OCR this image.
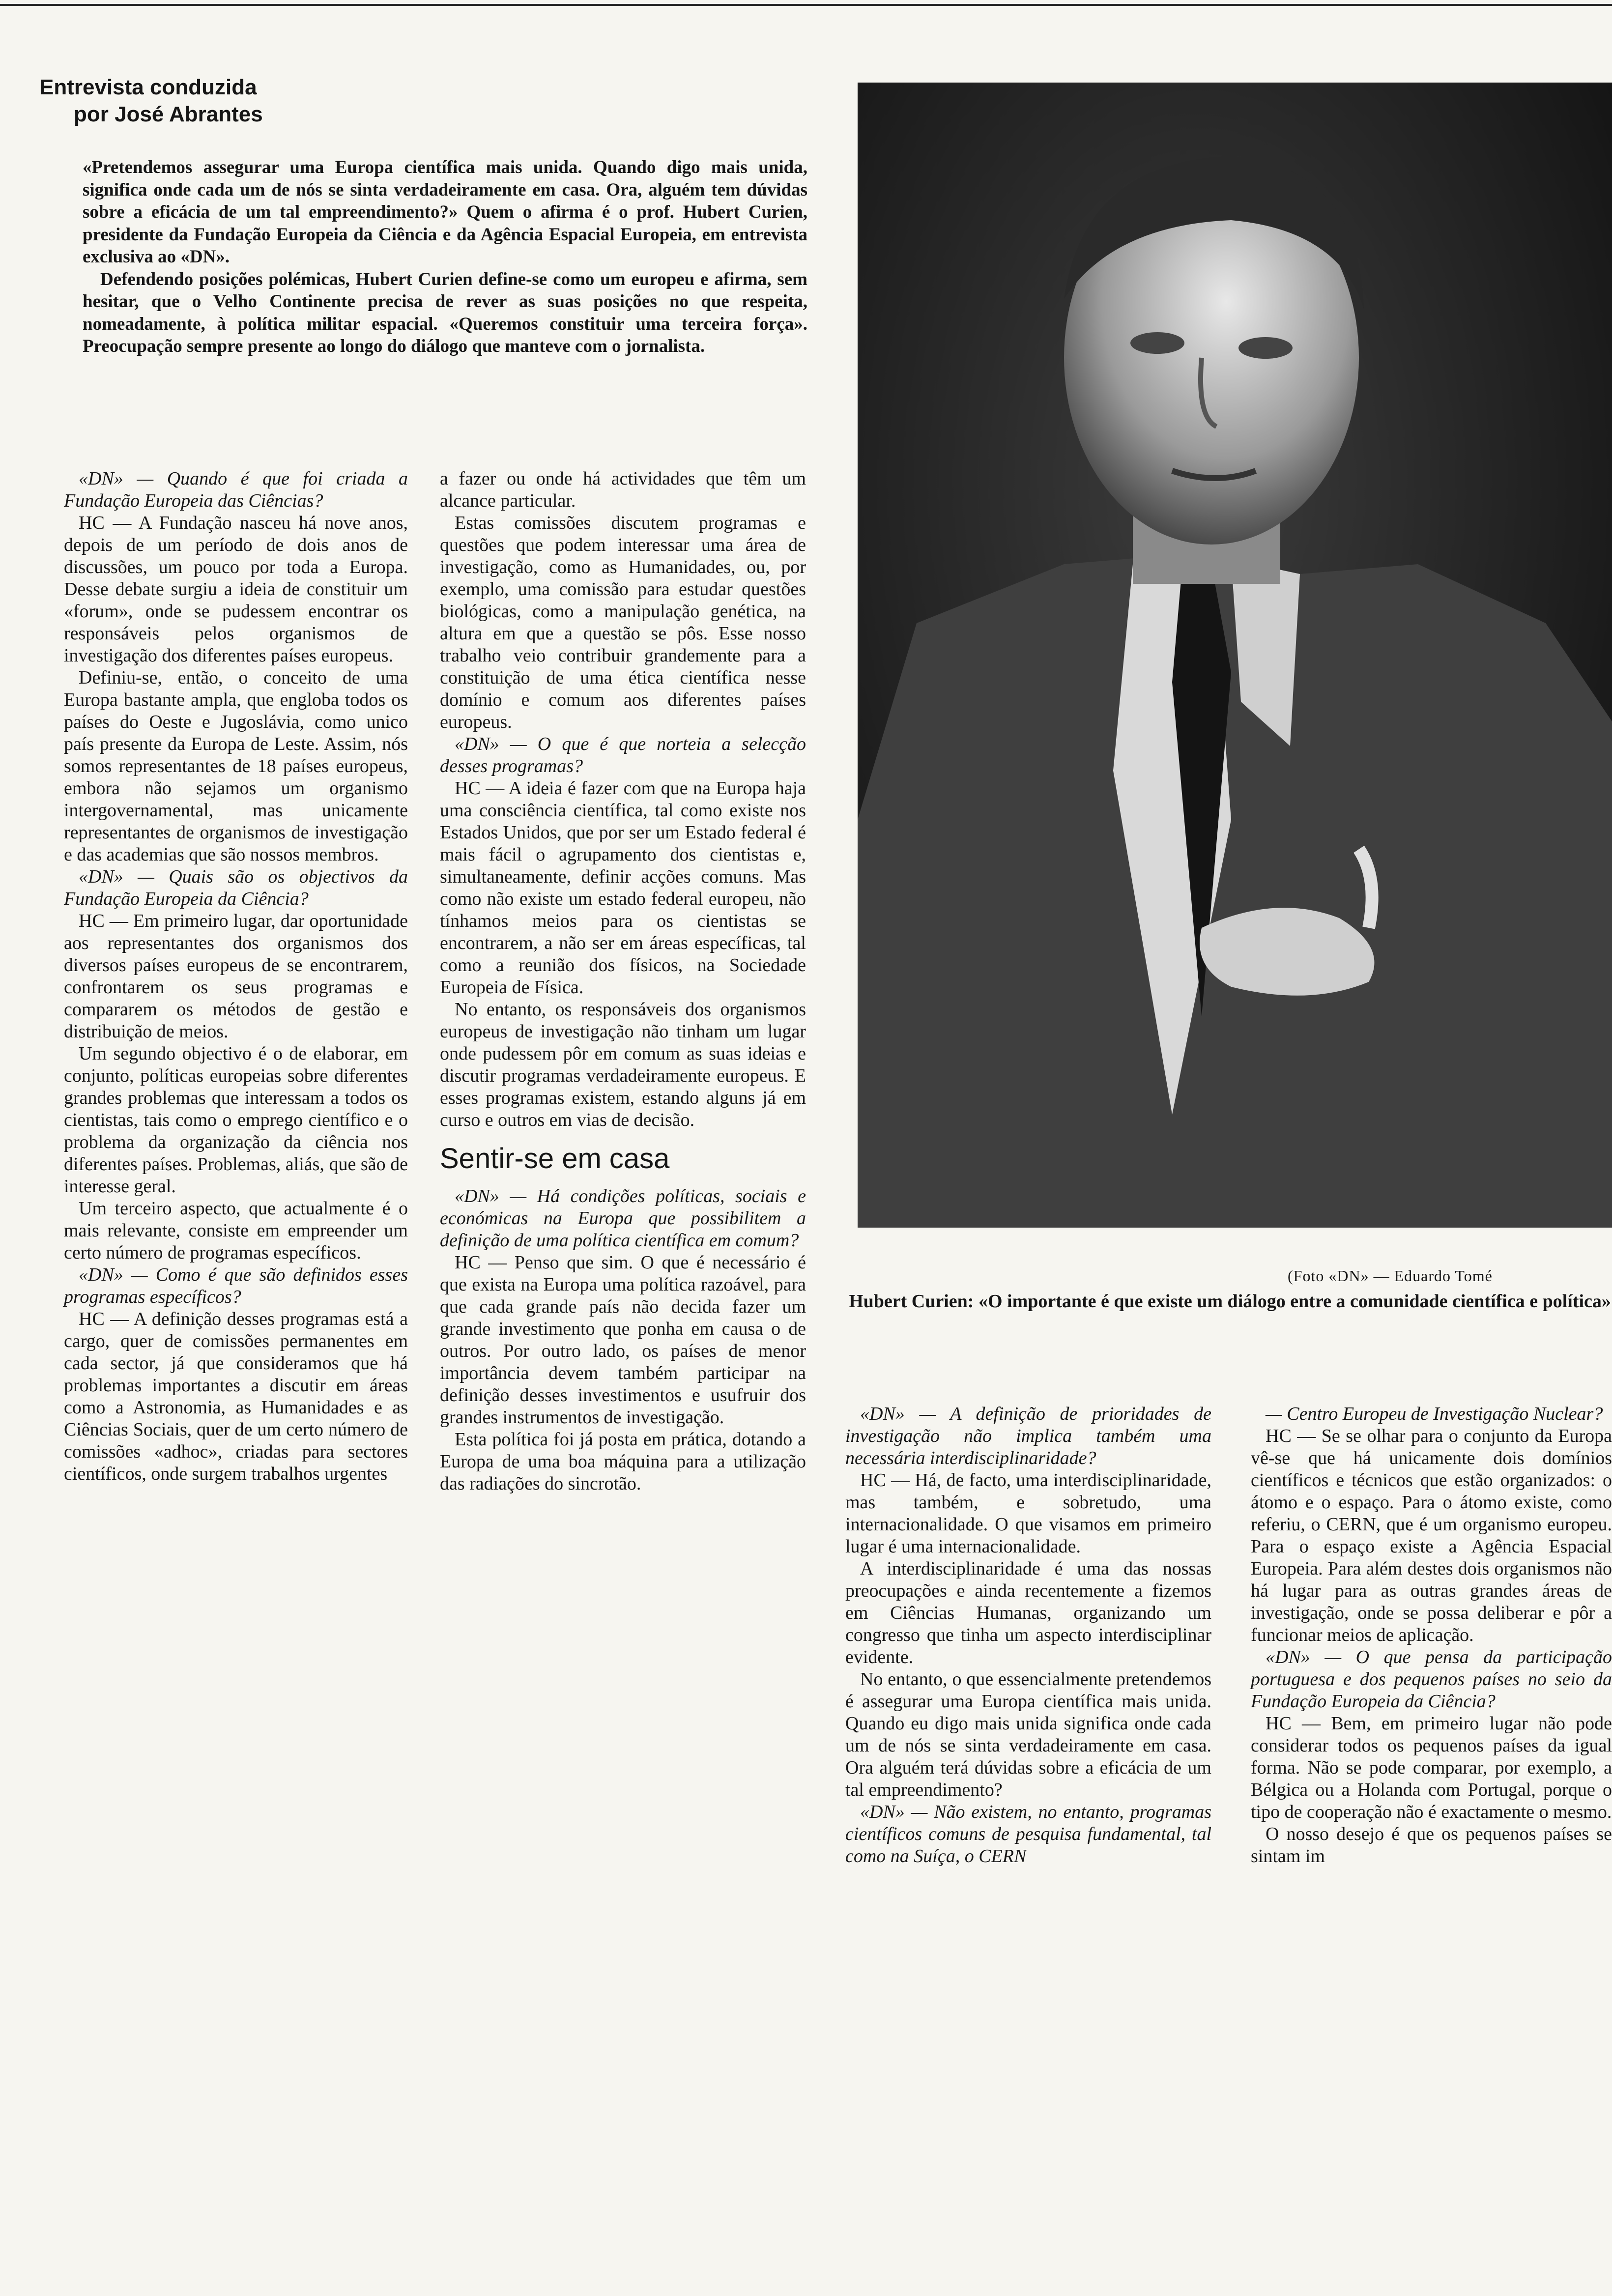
Entrevista conduzida
por José Abrantes

«Pretendemos assegurar uma Europa científica mais unida. Quando digo mais unida, significa onde cada um de nós se sinta verdadeiramente em casa. Ora, alguém tem dúvidas sobre a eficácia de um tal empreendimento?» Quem o afirma é o prof. Hubert Curien, presidente da Fundação Europeia da Ciência e da Agência Espacial Europeia, em entrevista exclusiva ao «DN».

Defendendo posições polémicas, Hubert Curien define-se como um europeu e afirma, sem hesitar, que o Velho Continente precisa de rever as suas posições no que respeita, nomeadamente, à política militar espacial. «Queremos constituir uma terceira força». Preocupação sempre presente ao longo do diálogo que manteve com o jornalista.

«DN» — Quando é que foi criada a Fundação Europeia das Ciências?

HC — A Fundação nasceu há nove anos, depois de um período de dois anos de discussões, um pouco por toda a Europa. Desse debate surgiu a ideia de constituir um «forum», onde se pudessem encontrar os responsáveis pelos organismos de investigação dos diferentes países europeus.

Definiu-se, então, o conceito de uma Europa bastante ampla, que engloba todos os países do Oeste e Jugoslávia, como unico país presente da Europa de Leste. Assim, nós somos representantes de 18 países europeus, embora não sejamos um organismo intergovernamental, mas unicamente representantes de organismos de investigação e das academias que são nossos membros.

«DN» — Quais são os objectivos da Fundação Europeia da Ciência?

HC — Em primeiro lugar, dar oportunidade aos representantes dos organismos dos diversos países europeus de se encontrarem, confrontarem os seus programas e compararem os métodos de gestão e distribuição de meios.

Um segundo objectivo é o de elaborar, em conjunto, políticas europeias sobre diferentes grandes problemas que interessam a todos os cientistas, tais como o emprego científico e o problema da organização da ciência nos diferentes países. Problemas, aliás, que são de interesse geral.

Um terceiro aspecto, que actualmente é o mais relevante, consiste em empreender um certo número de programas específicos.

«DN» — Como é que são definidos esses programas específicos?

HC — A definição desses programas está a cargo, quer de comissões permanentes em cada sector, já que consideramos que há problemas importantes a discutir em áreas como a Astronomia, as Humanidades e as Ciências Sociais, quer de um certo número de comissões «adhoc», criadas para sectores científicos, onde surgem trabalhos urgentes

a fazer ou onde há actividades que têm um alcance particular.

Estas comissões discutem programas e questões que podem interessar uma área de investigação, como as Humanidades, ou, por exemplo, uma comissão para estudar questões biológicas, como a manipulação genética, na altura em que a questão se pôs. Esse nosso trabalho veio contribuir grandemente para a constituição de uma ética científica nesse domínio e comum aos diferentes países europeus.

«DN» — O que é que norteia a selecção desses programas?

HC — A ideia é fazer com que na Europa haja uma consciência científica, tal como existe nos Estados Unidos, que por ser um Estado federal é mais fácil o agrupamento dos cientistas e, simultaneamente, definir acções comuns. Mas como não existe um estado federal europeu, não tínhamos meios para os cientistas se encontrarem, a não ser em áreas específicas, tal como a reunião dos físicos, na Sociedade Europeia de Física.

No entanto, os responsáveis dos organismos europeus de investigação não tinham um lugar onde pudessem pôr em comum as suas ideias e discutir programas verdadeiramente europeus. E esses programas existem, estando alguns já em curso e outros em vias de decisão.

Sentir-se em casa

«DN» — Há condições políticas, sociais e económicas na Europa que possibilitem a definição de uma política científica em comum?

HC — Penso que sim. O que é necessário é que exista na Europa uma política razoável, para que cada grande país não decida fazer um grande investimento que ponha em causa o de outros. Por outro lado, os países de menor importância devem também participar na definição desses investimentos e usufruir dos grandes instrumentos de investigação.

Esta política foi já posta em prática, dotando a Europa de uma boa máquina para a utilização das radiações do sincrotão.

(Foto «DN» — Eduardo Tomé
Hubert Curien: «O importante é que existe um diálogo entre a comunidade científica e política»

«DN» — A definição de prioridades de investigação não implica também uma necessária interdisciplinaridade?

HC — Há, de facto, uma interdisciplinaridade, mas também, e sobretudo, uma internacionalidade. O que visamos em primeiro lugar é uma internacionalidade.

A interdisciplinaridade é uma das nossas preocupações e ainda recentemente a fizemos em Ciências Humanas, organizando um congresso que tinha um aspecto interdisciplinar evidente.

No entanto, o que essencialmente pretendemos é assegurar uma Europa científica mais unida. Quando eu digo mais unida significa onde cada um de nós se sinta verdadeiramente em casa. Ora alguém terá dúvidas sobre a eficácia de um tal empreendimento?

«DN» — Não existem, no entanto, programas científicos comuns de pesquisa fundamental, tal como na Suíça, o CERN

— Centro Europeu de Investigação Nuclear?

HC — Se se olhar para o conjunto da Europa vê-se que há unicamente dois domínios científicos e técnicos que estão organizados: o átomo e o espaço. Para o átomo existe, como referiu, o CERN, que é um organismo europeu. Para o espaço existe a Agência Espacial Europeia. Para além destes dois organismos não há lugar para as outras grandes áreas de investigação, onde se possa deliberar e pôr a funcionar meios de aplicação.

«DN» — O que pensa da participação portuguesa e dos pequenos países no seio da Fundação Europeia da Ciência?

HC — Bem, em primeiro lugar não pode considerar todos os pequenos países da igual forma. Não se pode comparar, por exemplo, a Bélgica ou a Holanda com Portugal, porque o tipo de cooperação não é exactamente o mesmo.

O nosso desejo é que os pequenos países se sintam im
